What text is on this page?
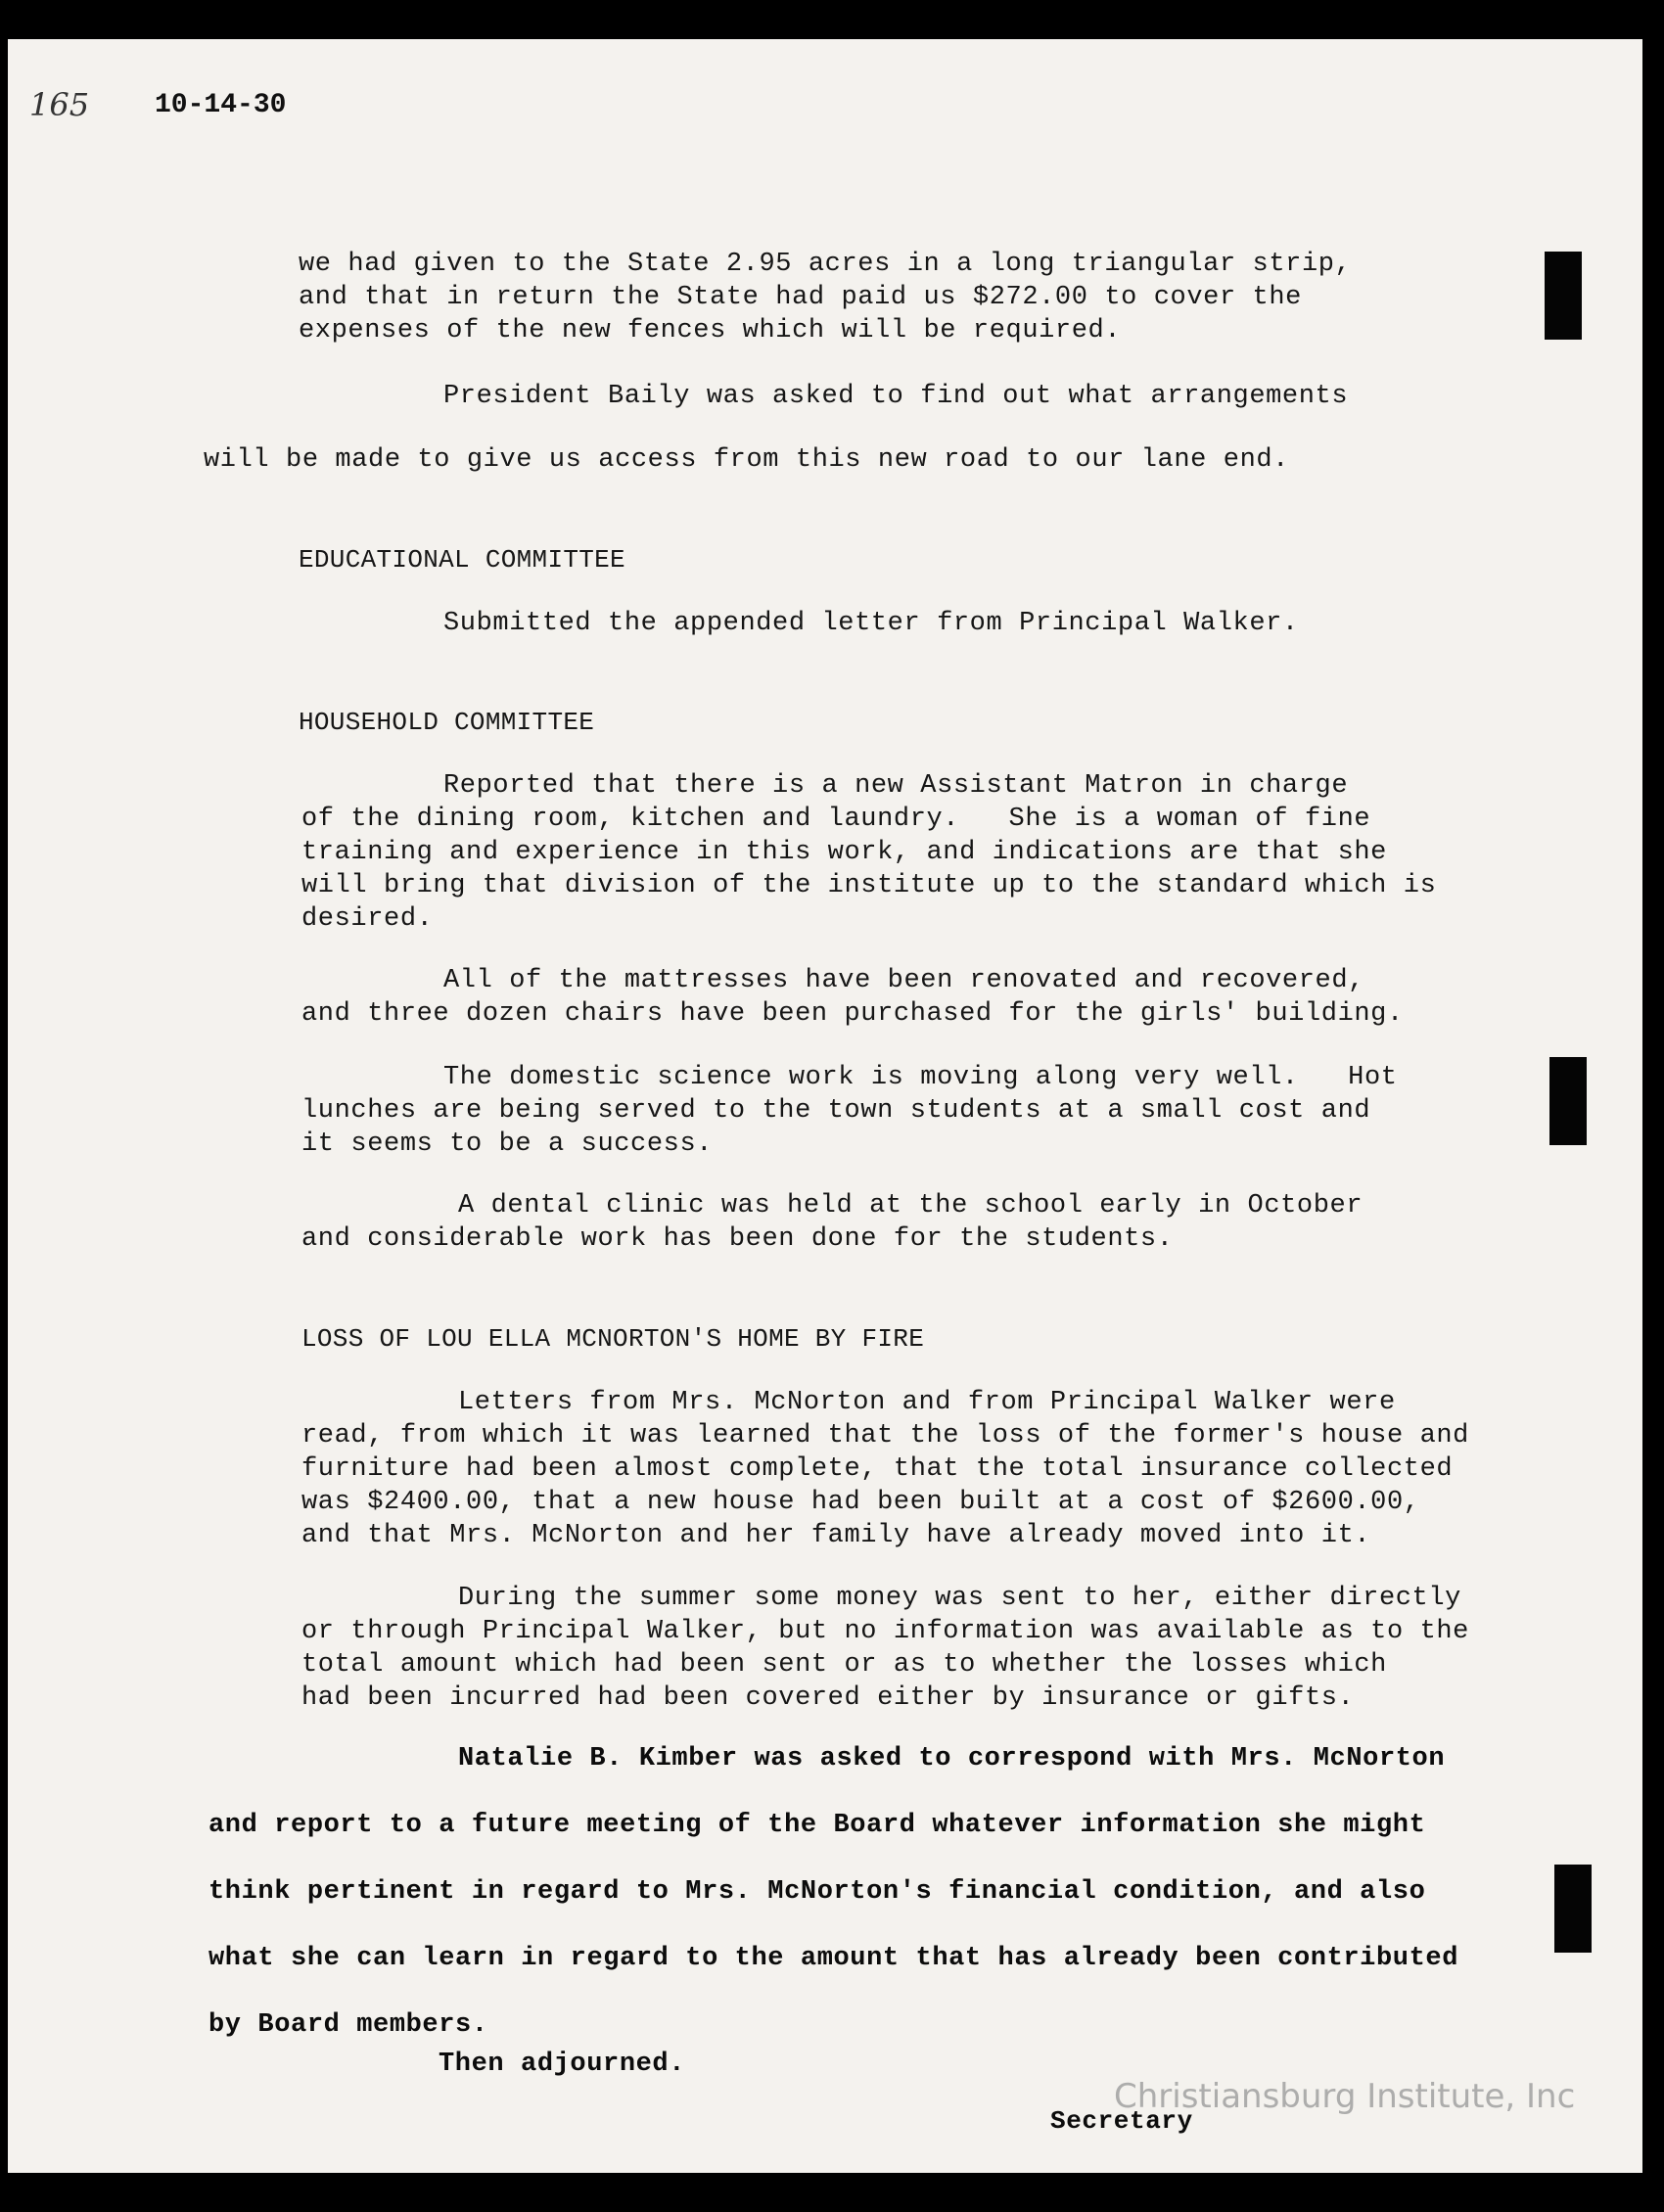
165 10-14-30
we had given to the State 2.95 acres in a long triangular strip,
and that in return the State had paid us $272.00 to cover the
expenses of the new fences which will be required.
President Baily was asked to find out what arrangements
will be made to give us access from this new road to our lane end.
EDUCATIONAL COMMITTEE
Submitted the appended letter from Principal Walker.
HOUSEHOLD COMMITTEE
Reported that there is a new Assistant Matron in charge
of the dining room, kitchen and laundry.   She is a woman of fine
training and experience in this work, and indications are that she
will bring that division of the institute up to the standard which is
desired.
All of the mattresses have been renovated and recovered,
and three dozen chairs have been purchased for the girls' building.
The domestic science work is moving along very well.   Hot
lunches are being served to the town students at a small cost and
it seems to be a success.
A dental clinic was held at the school early in October
and considerable work has been done for the students.
LOSS OF LOU ELLA MCNORTON'S HOME BY FIRE
Letters from Mrs. McNorton and from Principal Walker were
read, from which it was learned that the loss of the former's house and
furniture had been almost complete, that the total insurance collected
was $2400.00, that a new house had been built at a cost of $2600.00,
and that Mrs. McNorton and her family have already moved into it.
During the summer some money was sent to her, either directly
or through Principal Walker, but no information was available as to the
total amount which had been sent or as to whether the losses which
had been incurred had been covered either by insurance or gifts.
Natalie B. Kimber was asked to correspond with Mrs. McNorton
and report to a future meeting of the Board whatever information she might
think pertinent in regard to Mrs. McNorton's financial condition, and also
what she can learn in regard to the amount that has already been contributed
by Board members.
Then adjourned.
Secretary
Christiansburg Institute, Inc
